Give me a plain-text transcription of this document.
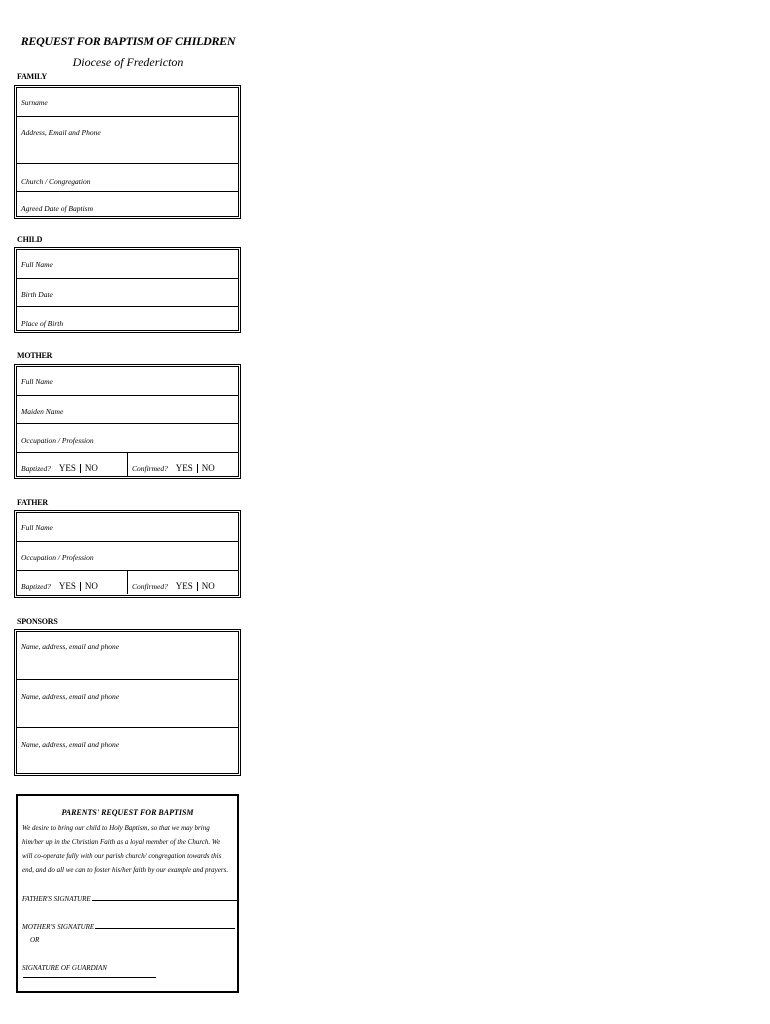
REQUEST FOR BAPTISM OF CHILDREN
Diocese of Fredericton
FAMILY
Surname
Address, Email and Phone
Church / Congregation
Agreed Date of Baptism
CHILD
Full Name
Birth Date
Place of Birth
MOTHER
Full Name
Maiden Name
Occupation / Profession
Baptized? YES NO	Confirmed? YES NO
FATHER
Full Name
Occupation / Profession
Baptized? YES NO	Confirmed? YES NO
SPONSORS
Name, address, email and phone
Name, address, email and phone
Name, address, email and phone
PARENTS' REQUEST FOR BAPTISM
We desire to bring our child to Holy Baptism, so that we may bring him/her up in the Christian Faith as a loyal member of the Church. We will co-operate fully with our parish church/ congregation towards this end, and do all we can to foster his/her faith by our example and prayers.
FATHER'S SIGNATURE
MOTHER'S SIGNATURE
OR
SIGNATURE OF GUARDIAN
